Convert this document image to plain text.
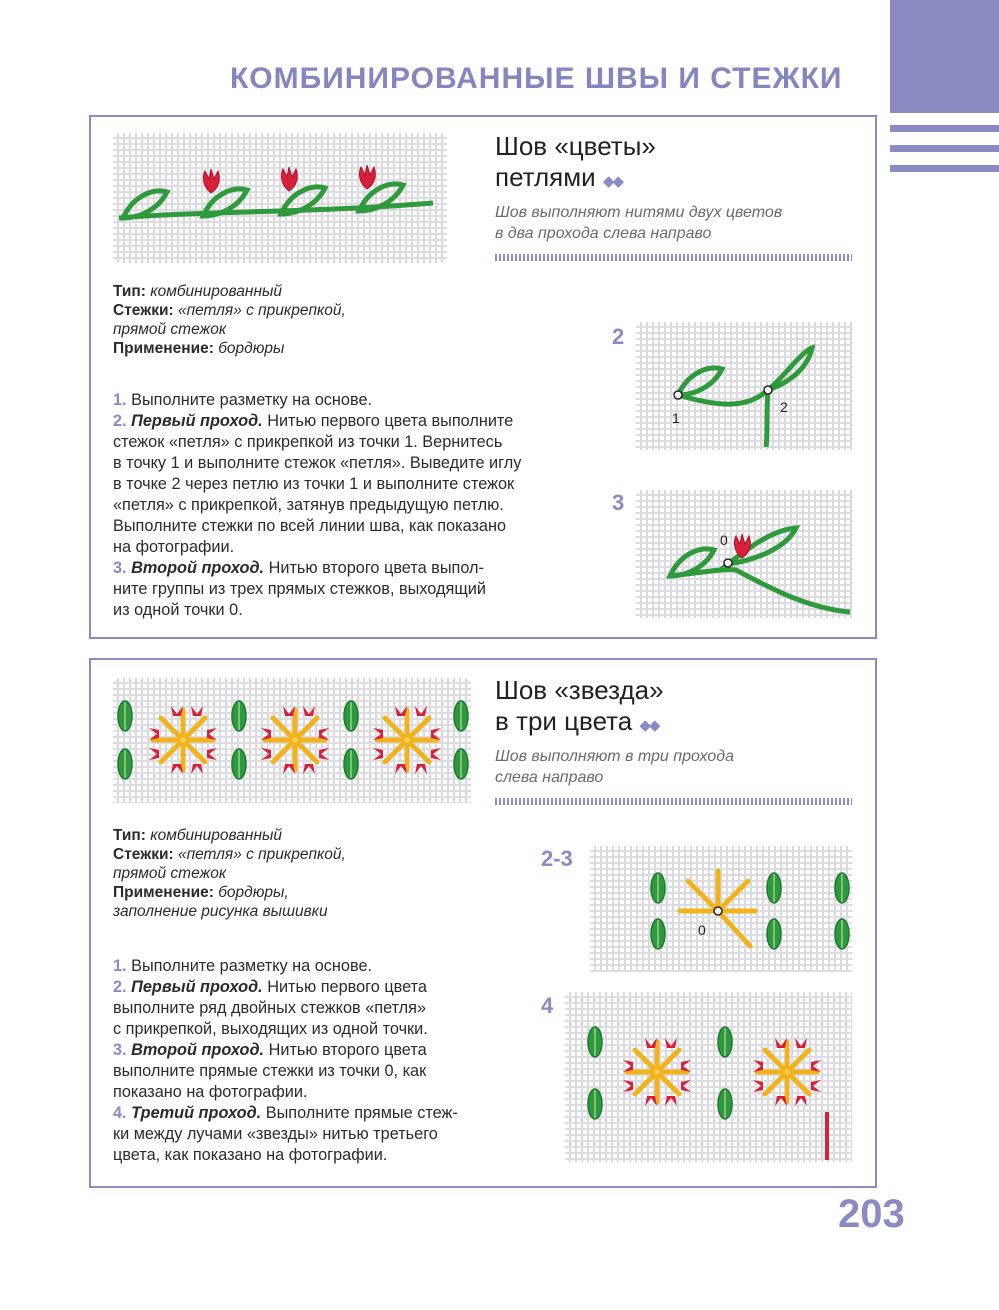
КОМБИНИРОВАННЫЕ ШВЫ И СТЕЖКИ
Шов «цветы»
петлями ◆◆
Шов выполняют нитями двух цветов
в два прохода слева направо
Тип: комбинированный
Стежки: «петля» с прикрепкой,
прямой стежок
Применение: бордюры
1. Выполните разметку на основе.
2. Первый проход. Нитью первого цвета выполните
стежок «петля» с прикрепкой из точки 1. Вернитесь
в точку 1 и выполните стежок «петля». Выведите иглу
в точке 2 через петлю из точки 1 и выполните стежок
«петля» с прикрепкой, затянув предыдущую петлю.
Выполните стежки по всей линии шва, как показано
на фотографии.
3. Второй проход. Нитью второго цвета выпол-
ните группы из трех прямых стежков, выходящий
из одной точки 0.
2
1
2
3
0
Шов «звезда»
в три цвета ◆◆
Шов выполняют в три прохода
слева направо
Тип: комбинированный
Стежки: «петля» с прикрепкой,
прямой стежок
Применение: бордюры,
заполнение рисунка вышивки
1. Выполните разметку на основе.
2. Первый проход. Нитью первого цвета
выполните ряд двойных стежков «петля»
с прикрепкой, выходящих из одной точки.
3. Второй проход. Нитью второго цвета
выполните прямые стежки из точки 0, как
показано на фотографии.
4. Третий проход. Выполните прямые стеж-
ки между лучами «звезды» нитью третьего
цвета, как показано на фотографии.
2-3
0
4
203
